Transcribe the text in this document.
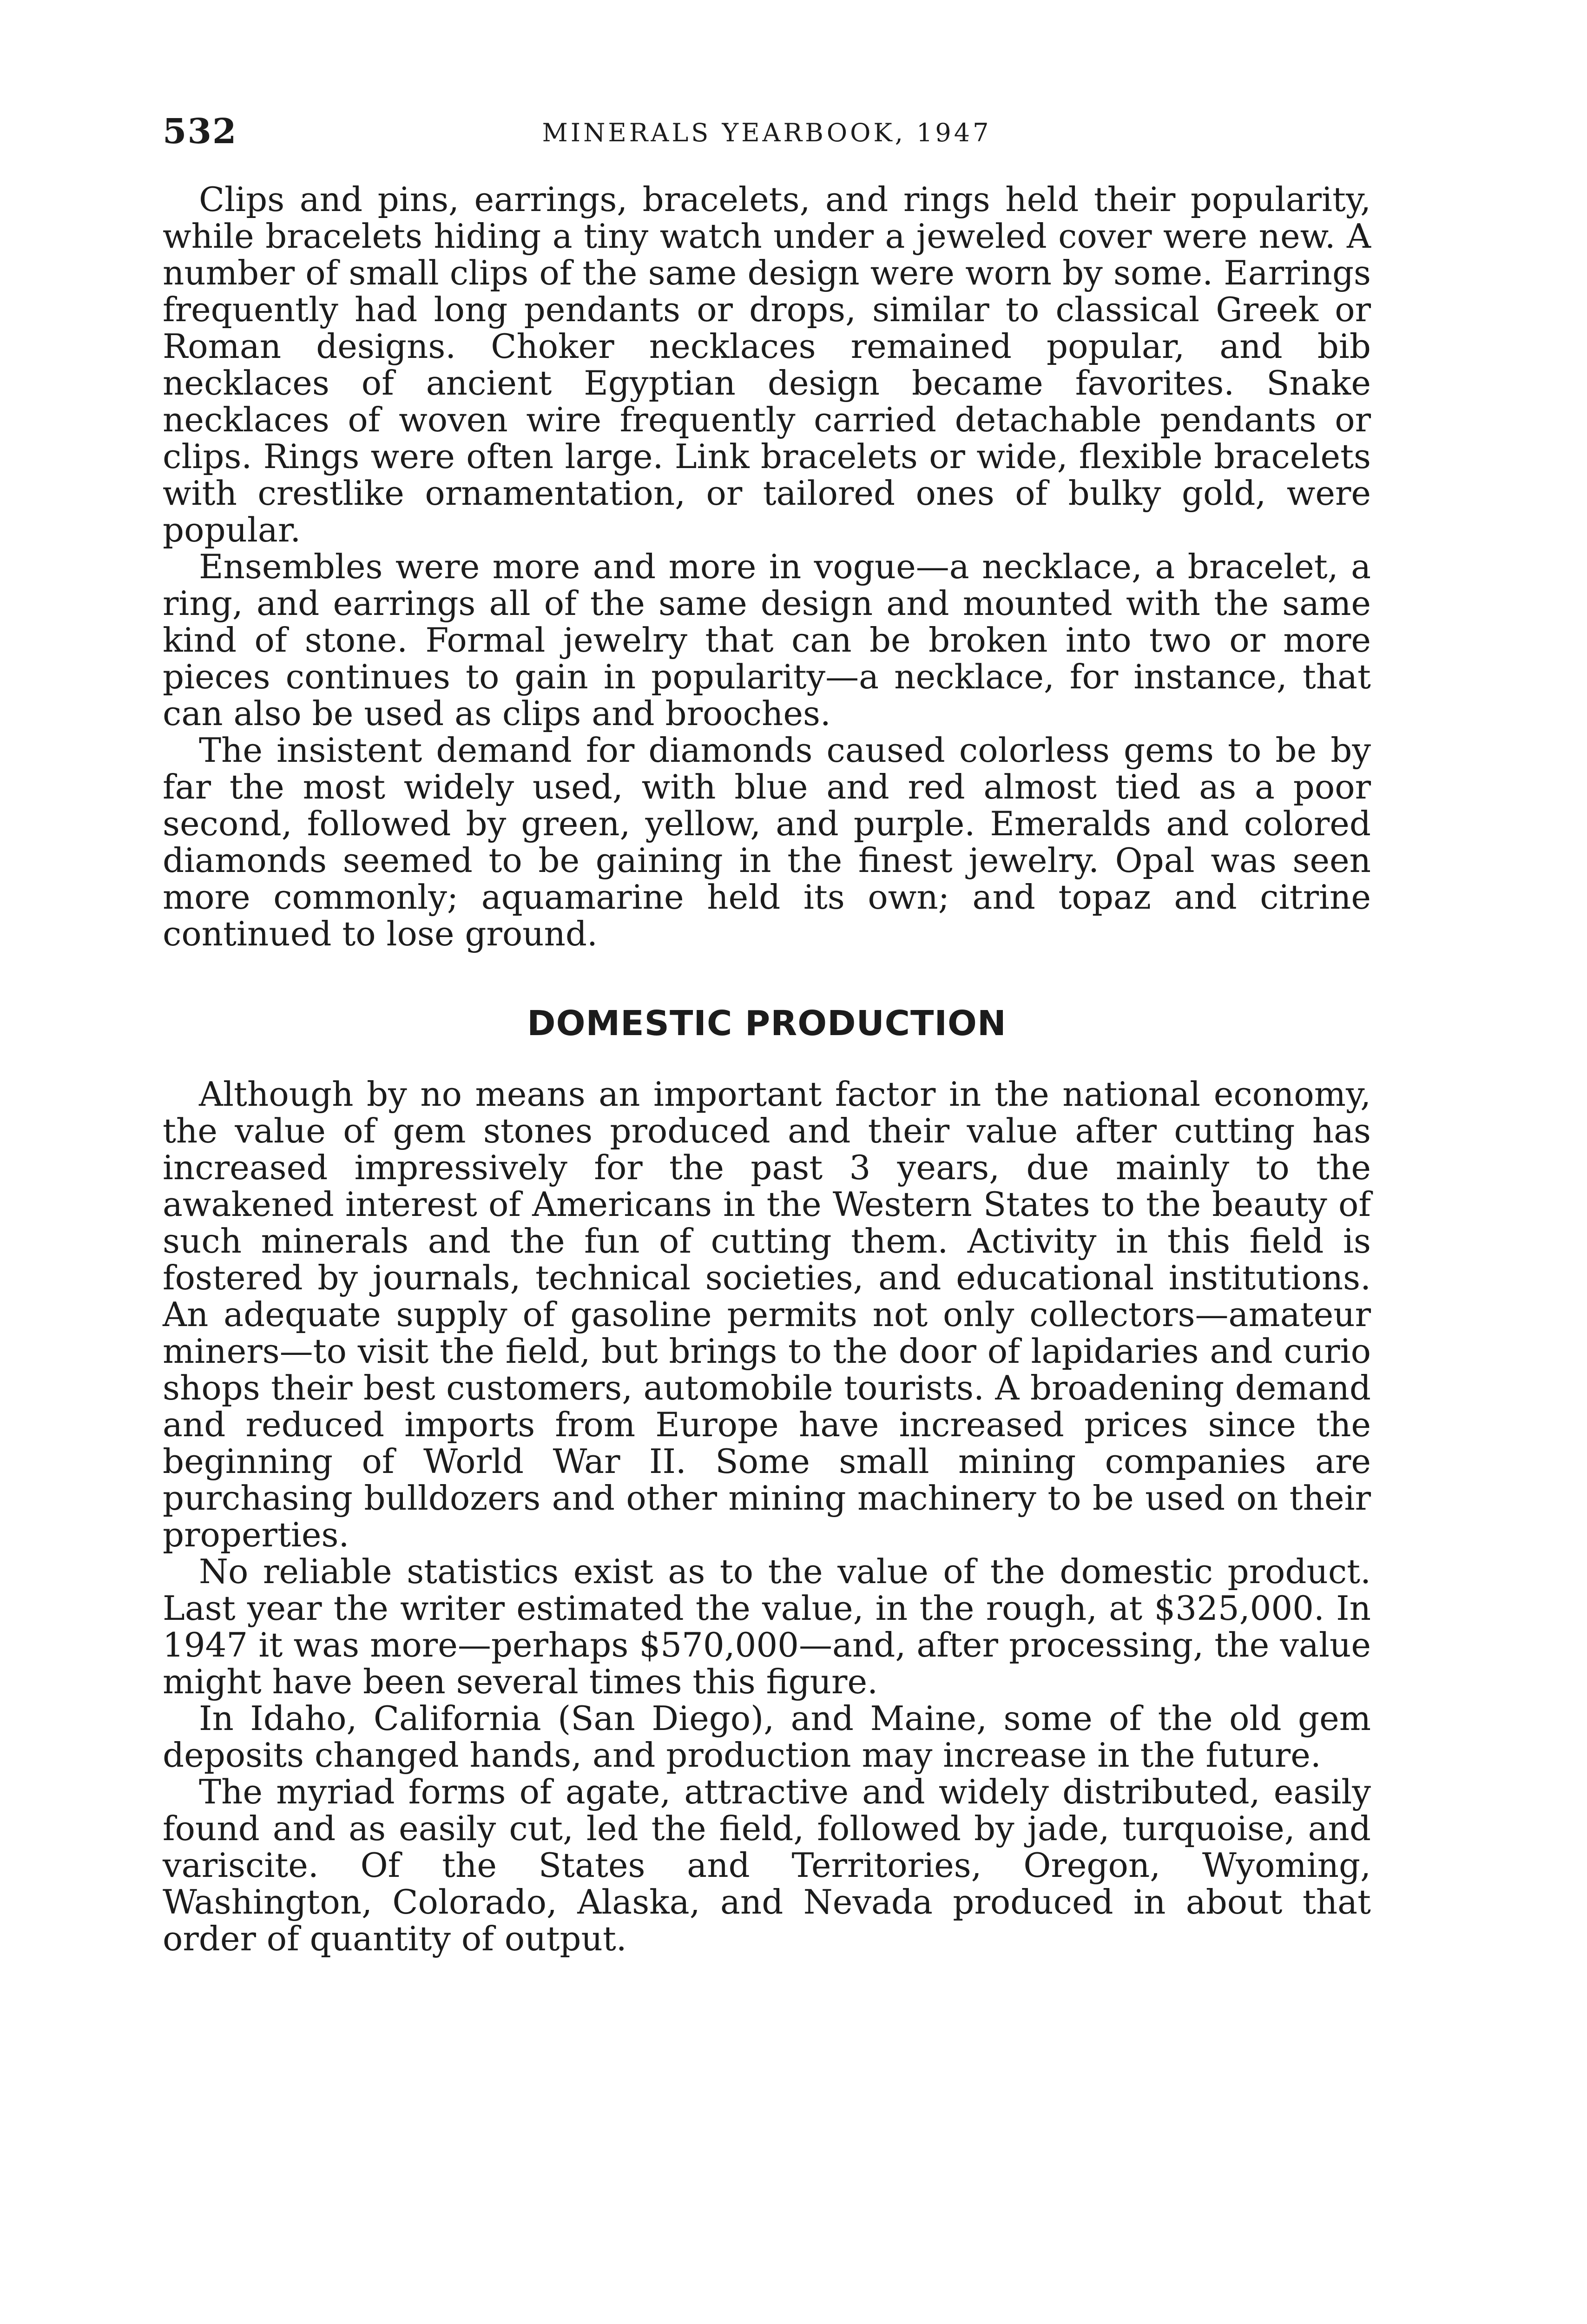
532	MINERALS YEARBOOK, 1947

Clips and pins, earrings, bracelets, and rings held their popularity, while bracelets hiding a tiny watch under a jeweled cover were new. A number of small clips of the same design were worn by some. Earrings frequently had long pendants or drops, similar to classical Greek or Roman designs. Choker necklaces remained popular, and bib necklaces of ancient Egyptian design became favorites. Snake necklaces of woven wire frequently carried detachable pendants or clips. Rings were often large. Link bracelets or wide, flexible bracelets with crestlike ornamentation, or tailored ones of bulky gold, were popular.

Ensembles were more and more in vogue—a necklace, a bracelet, a ring, and earrings all of the same design and mounted with the same kind of stone. Formal jewelry that can be broken into two or more pieces continues to gain in popularity—a necklace, for instance, that can also be used as clips and brooches.

The insistent demand for diamonds caused colorless gems to be by far the most widely used, with blue and red almost tied as a poor second, followed by green, yellow, and purple. Emeralds and colored diamonds seemed to be gaining in the finest jewelry. Opal was seen more commonly; aquamarine held its own; and topaz and citrine continued to lose ground.

DOMESTIC PRODUCTION

Although by no means an important factor in the national economy, the value of gem stones produced and their value after cutting has increased impressively for the past 3 years, due mainly to the awakened interest of Americans in the Western States to the beauty of such minerals and the fun of cutting them. Activity in this field is fostered by journals, technical societies, and educational institutions. An adequate supply of gasoline permits not only collectors—amateur miners—to visit the field, but brings to the door of lapidaries and curio shops their best customers, automobile tourists. A broadening demand and reduced imports from Europe have increased prices since the beginning of World War II. Some small mining companies are purchasing bulldozers and other mining machinery to be used on their properties.

No reliable statistics exist as to the value of the domestic product. Last year the writer estimated the value, in the rough, at $325,000. In 1947 it was more—perhaps $570,000—and, after processing, the value might have been several times this figure.

In Idaho, California (San Diego), and Maine, some of the old gem deposits changed hands, and production may increase in the future.

The myriad forms of agate, attractive and widely distributed, easily found and as easily cut, led the field, followed by jade, turquoise, and variscite. Of the States and Territories, Oregon, Wyoming, Washington, Colorado, Alaska, and Nevada produced in about that order of quantity of output.
